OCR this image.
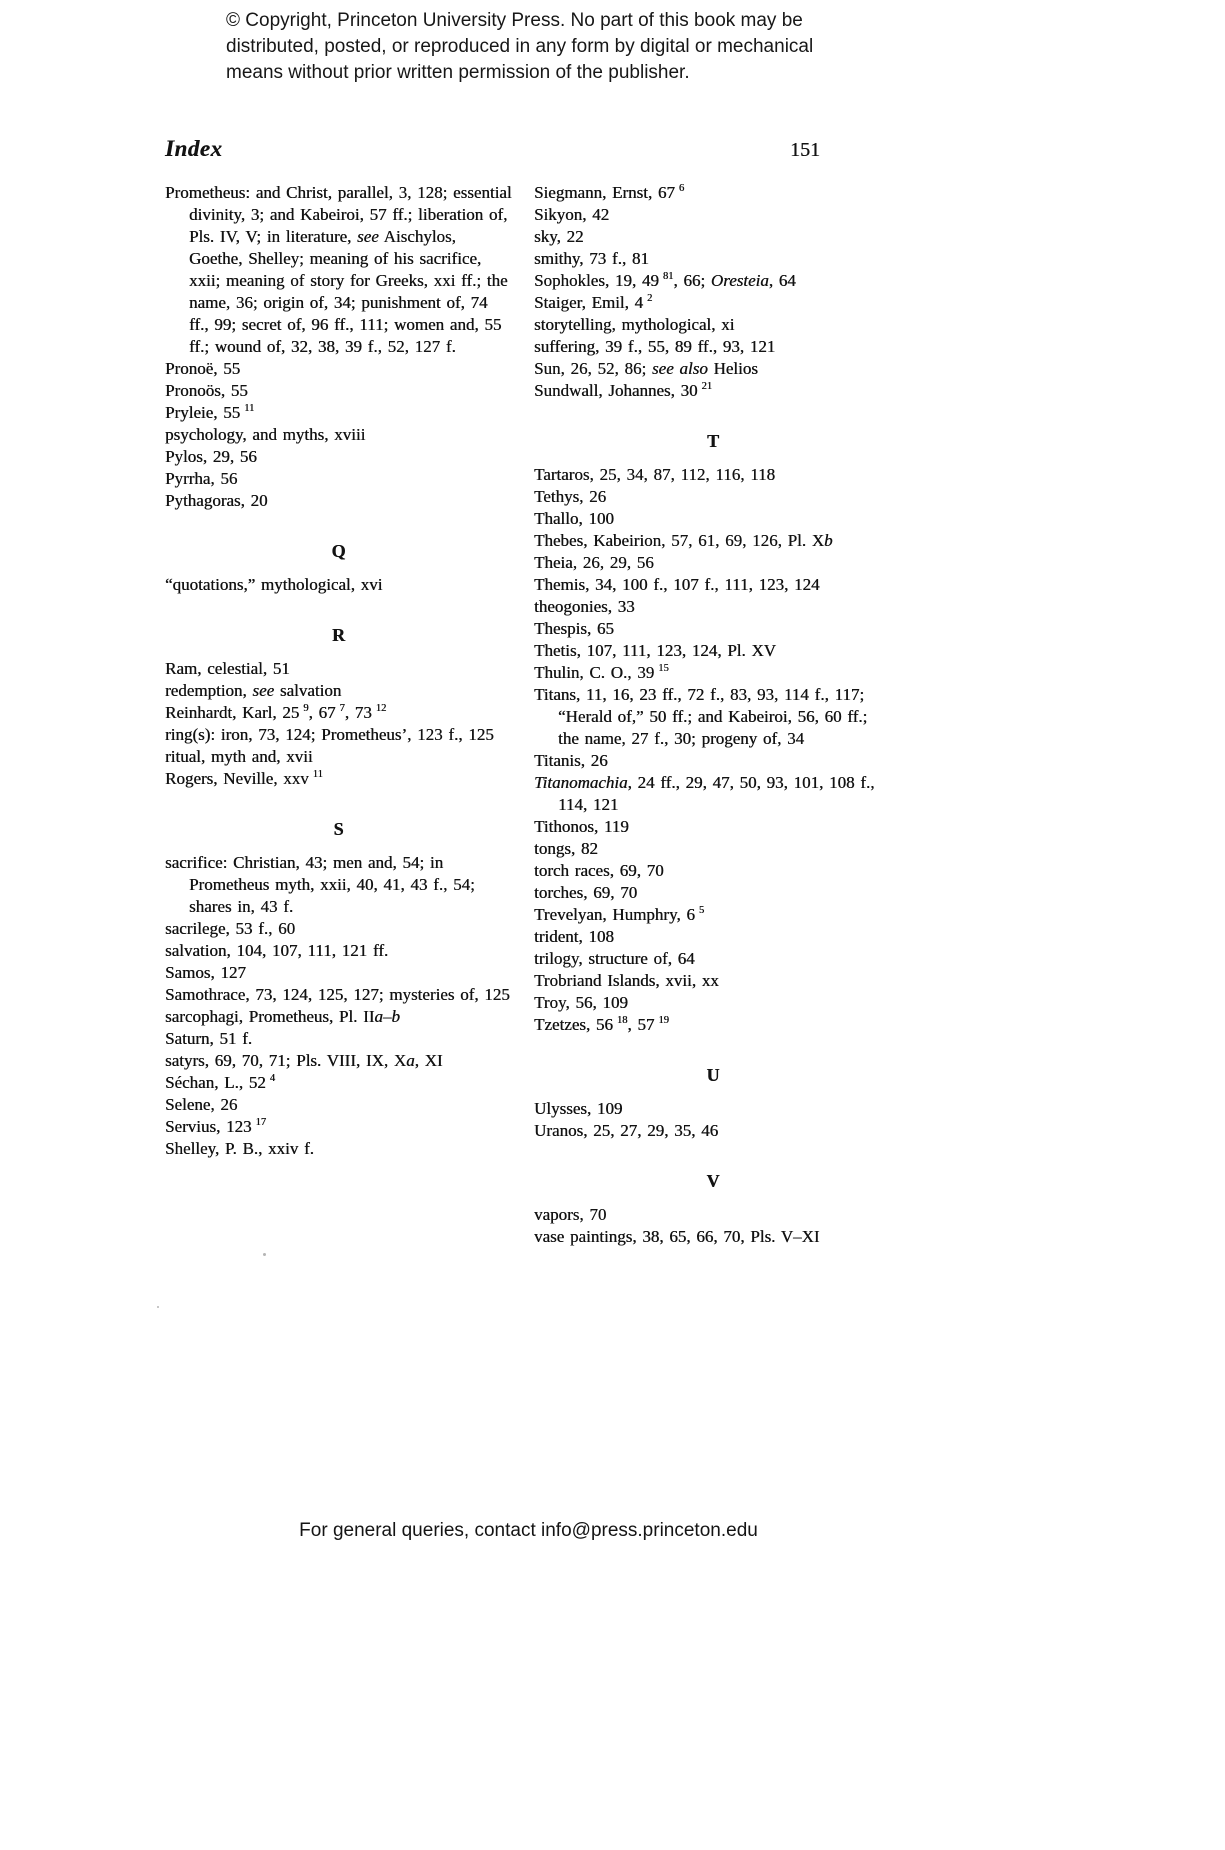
© Copyright, Princeton University Press. No part of this book may be distributed, posted, or reproduced in any form by digital or mechanical means without prior written permission of the publisher.

Index	151
Prometheus: and Christ, parallel, 3, 128; essential divinity, 3; and Kabeiroi, 57 ff.; liberation of, Pls. IV, V; in literature, see Aischylos, Goethe, Shelley; meaning of his sacrifice, xxii; meaning of story for Greeks, xxi ff.; the name, 36; origin of, 34; punishment of, 74 ff., 99; secret of, 96 ff., 111; women and, 55 ff.; wound of, 32, 38, 39 f., 52, 127 f.
Pronoë, 55
Pronoös, 55
Pryleie, 55 $^{11}$
psychology, and myths, xviii
Pylos, 29, 56
Pyrrha, 56
Pythagoras, 20
Q
“quotations,” mythological, xvi
R
Ram, celestial, 51
redemption, see salvation
Reinhardt, Karl, 25 $^9$, 67 $^7$, 73 $^{12}$
ring(s): iron, 73, 124; Prometheus’, 123 f., 125
ritual, myth and, xvii
Rogers, Neville, xxv $^{11}$
S
sacrifice: Christian, 43; men and, 54; in Prometheus myth, xxii, 40, 41, 43 f., 54; shares in, 43 f.
sacrilege, 53 f., 60
salvation, 104, 107, 111, 121 ff.
Samos, 127
Samothrace, 73, 124, 125, 127; mysteries of, 125
sarcophagi, Prometheus, Pl. IIa–b
Saturn, 51 f.
satyrs, 69, 70, 71; Pls. VIII, IX, Xa, XI
Séchan, L., 52 $^4$
Selene, 26
Servius, 123 $^{17}$
Shelley, P. B., xxiv f.
Siegmann, Ernst, 67 $^6$
Sikyon, 42
sky, 22
smithy, 73 f., 81
Sophokles, 19, 49 $^{81}$, 66; Oresteia, 64
Staiger, Emil, 4 $^2$
storytelling, mythological, xi
suffering, 39 f., 55, 89 ff., 93, 121
Sun, 26, 52, 86; see also Helios
Sundwall, Johannes, 30 $^{21}$
T
Tartaros, 25, 34, 87, 112, 116, 118
Tethys, 26
Thallo, 100
Thebes, Kabeirion, 57, 61, 69, 126, Pl. Xb
Theia, 26, 29, 56
Themis, 34, 100 f., 107 f., 111, 123, 124
theogonies, 33
Thespis, 65
Thetis, 107, 111, 123, 124, Pl. XV
Thulin, C. O., 39 $^{15}$
Titans, 11, 16, 23 ff., 72 f., 83, 93, 114 f., 117; “Herald of,” 50 ff.; and Kabeiroi, 56, 60 ff.; the name, 27 f., 30; progeny of, 34
Titanis, 26
Titanomachia, 24 ff., 29, 47, 50, 93, 101, 108 f., 114, 121
Tithonos, 119
tongs, 82
torch races, 69, 70
torches, 69, 70
Trevelyan, Humphry, 6 $^5$
trident, 108
trilogy, structure of, 64
Trobriand Islands, xvii, xx
Troy, 56, 109
Tzetzes, 56 $^{18}$, 57 $^{19}$
U
Ulysses, 109
Uranos, 25, 27, 29, 35, 46
V
vapors, 70
vase paintings, 38, 65, 66, 70, Pls. V–XI

For general queries, contact info@press.princeton.edu
